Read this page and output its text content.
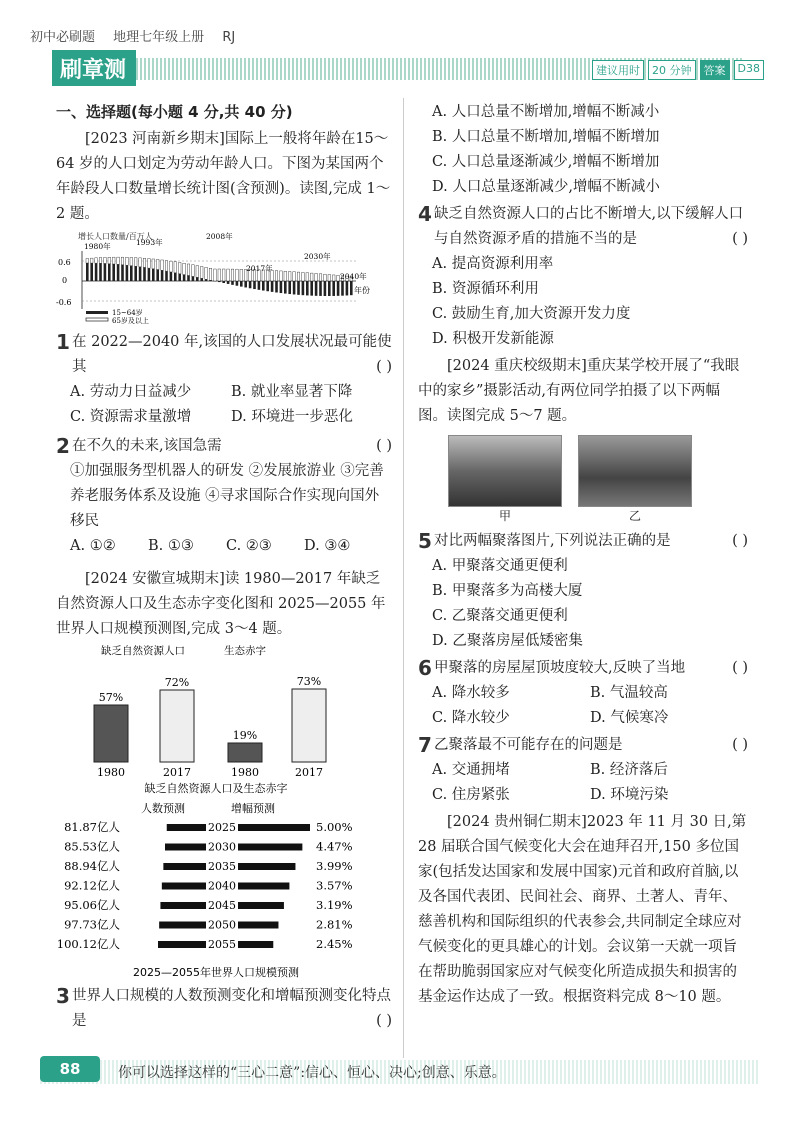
初中必刷题 地理七年级上册 RJ
刷章测	建议用时	20 分钟	答案	D38
一、选择题(每小题 4 分,共 40 分)
[2023 河南新乡期末]国际上一般将年龄在15～64 岁的人口划定为劳动年龄人口。下图为某国两个年龄段人口数量增长统计图(含预测)。读图,完成 1～2 题。
增长人口数量/百万人
0.6
0
-0.6
年份
1980年	1993年
2008年
2017年
2030年
2040年
15~64岁
65岁及以上
1 在 2022—2040 年,该国的人口发展状况最可能使其	( )
A. 劳动力日益减少	B. 就业率显著下降
C. 资源需求量激增	D. 环境进一步恶化
2 在不久的未来,该国急需	( )
①加强服务型机器人的研发 ②发展旅游业 ③完善养老服务体系及设施 ④寻求国际合作实现向国外移民
A. ①②	B. ①③	C. ②③	D. ③④
[2024 安徽宣城期末]读 1980—2017 年缺乏自然资源人口及生态赤字变化图和 2025—2055 年世界人口规模预测图,完成 3～4 题。
缺乏自然资源人口及生态赤字
缺乏自然资源人口
57%
1980
72%
2017
生态赤字
19%
1980
73%
2017
人数预测	增幅预测
2025—2055年世界人口规模预测
81.87亿人	2025	5.00%
85.53亿人	2030	4.47%
88.94亿人	2035	3.99%
92.12亿人	2040	3.57%
95.06亿人	2045	3.19%
97.73亿人	2050	2.81%
100.12亿人	2055	2.45%
3 世界人口规模的人数预测变化和增幅预测变化特点是	( )
A. 人口总量不断增加,增幅不断减小
B. 人口总量不断增加,增幅不断增加
C. 人口总量逐渐减少,增幅不断增加
D. 人口总量逐渐减少,增幅不断减小
4 缺乏自然资源人口的占比不断增大,以下缓解人口与自然资源矛盾的措施不当的是	( )
A. 提高资源利用率
B. 资源循环利用
C. 鼓励生育,加大资源开发力度
D. 积极开发新能源
[2024 重庆校级期末]重庆某学校开展了“我眼中的家乡”摄影活动,有两位同学拍摄了以下两幅图。读图完成 5～7 题。
甲	乙
5 对比两幅聚落图片,下列说法正确的是	( )
A. 甲聚落交通更便利
B. 甲聚落多为高楼大厦
C. 乙聚落交通更便利
D. 乙聚落房屋低矮密集
6 甲聚落的房屋屋顶坡度较大,反映了当地	( )
A. 降水较多	B. 气温较高
C. 降水较少	D. 气候寒冷
7 乙聚落最不可能存在的问题是	( )
A. 交通拥堵	B. 经济落后
C. 住房紧张	D. 环境污染
[2024 贵州铜仁期末]2023 年 11 月 30 日,第28 届联合国气候变化大会在迪拜召开,150 多位国家(包括发达国家和发展中国家)元首和政府首脑,以及各国代表团、民间社会、商界、土著人、青年、慈善机构和国际组织的代表参会,共同制定全球应对气候变化的更具雄心的计划。会议第一天就一项旨在帮助脆弱国家应对气候变化所造成损失和损害的基金运作达成了一致。根据资料完成 8～10 题。
88	你可以选择这样的“三心二意”:信心、恒心、决心;创意、乐意。
